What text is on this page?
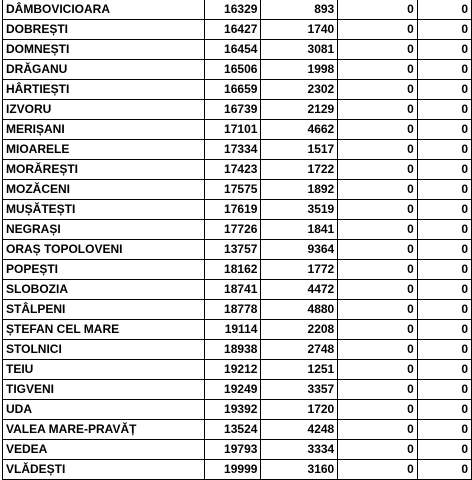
DÂMBOVICIOARA	16329	893	0	0
DOBREȘTI	16427	1740	0	0
DOMNEȘTI	16454	3081	0	0
DRĂGANU	16506	1998	0	0
HÂRTIEȘTI	16659	2302	0	0
IZVORU	16739	2129	0	0
MERIȘANI	17101	4662	0	0
MIOARELE	17334	1517	0	0
MORĂREȘTI	17423	1722	0	0
MOZĂCENI	17575	1892	0	0
MUȘĂTEȘTI	17619	3519	0	0
NEGRAȘI	17726	1841	0	0
ORAȘ TOPOLOVENI	13757	9364	0	0
POPEȘTI	18162	1772	0	0
SLOBOZIA	18741	4472	0	0
STÂLPENI	18778	4880	0	0
ȘTEFAN CEL MARE	19114	2208	0	0
STOLNICI	18938	2748	0	0
TEIU	19212	1251	0	0
TIGVENI	19249	3357	0	0
UDA	19392	1720	0	0
VALEA MARE-PRAVĂȚ	13524	4248	0	0
VEDEA	19793	3334	0	0
VLĂDEȘTI	19999	3160	0	0
